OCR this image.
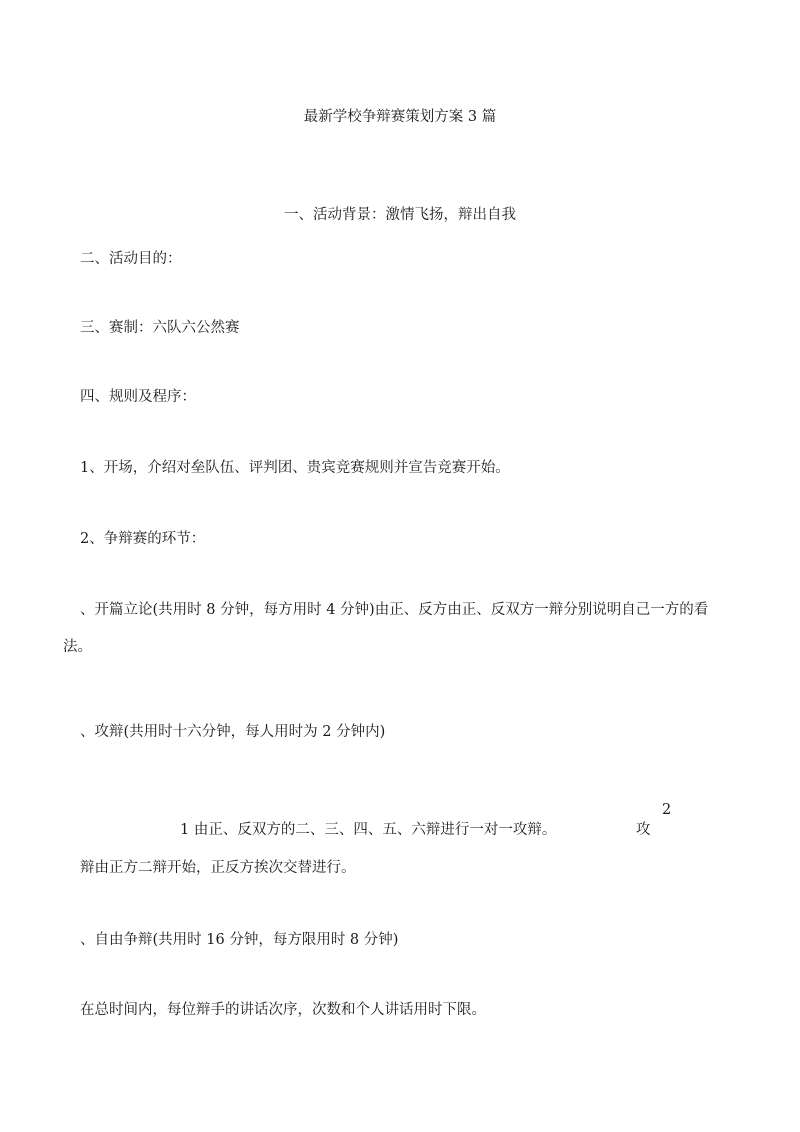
最新学校争辩赛策划方案 3 篇
一、活动背景：激情飞扬，辩出自我
二、活动目的：
三、赛制：六队六公然赛
四、规则及程序：
1、开场，介绍对垒队伍、评判团、贵宾竞赛规则并宣告竞赛开始。
2、争辩赛的环节：
、开篇立论(共用时 8 分钟，每方用时 4 分钟)由正、反方由正、反双方一辩分别说明自己一方的看
法。
、攻辩(共用时十六分钟，每人用时为 2 分钟内)
2
1 由正、反双方的二、三、四、五、六辩进行一对一攻辩。	攻
辩由正方二辩开始，正反方挨次交替进行。
、自由争辩(共用时 16 分钟，每方限用时 8 分钟)
在总时间内，每位辩手的讲话次序，次数和个人讲话用时下限。
